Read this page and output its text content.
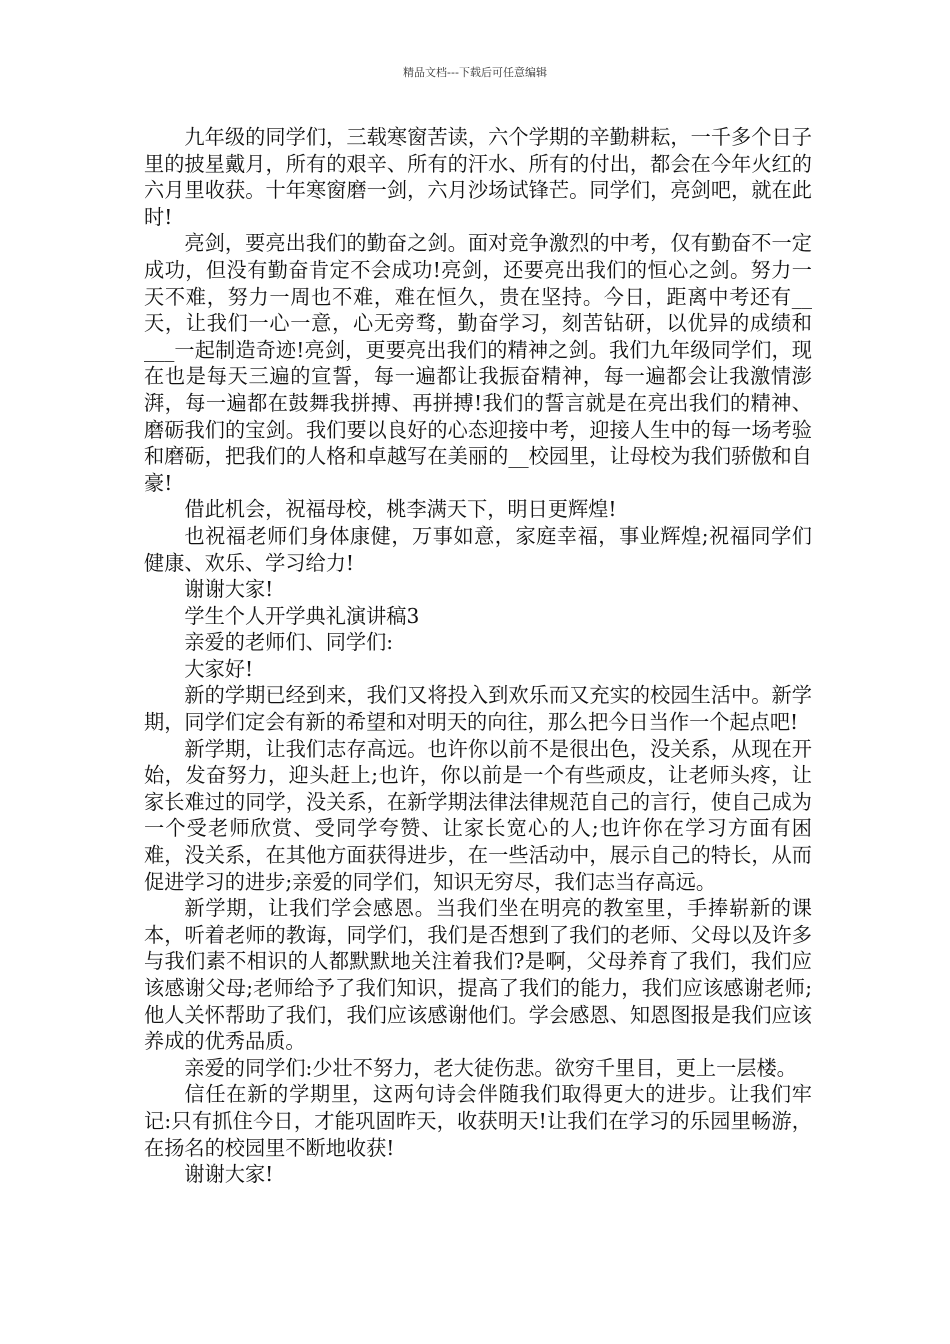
精品文档---下载后可任意编辑

九年级的同学们，三载寒窗苦读，六个学期的辛勤耕耘，一千多个日子里的披星戴月，所有的艰辛、所有的汗水、所有的付出，都会在今年火红的六月里收获。十年寒窗磨一剑，六月沙场试锋芒。同学们，亮剑吧，就在此时!

亮剑，要亮出我们的勤奋之剑。面对竞争激烈的中考，仅有勤奋不一定成功，但没有勤奋肯定不会成功!亮剑，还要亮出我们的恒心之剑。努力一天不难，努力一周也不难，难在恒久，贵在坚持。今日，距离中考还有__天，让我们一心一意，心无旁骛，勤奋学习，刻苦钻研，以优异的成绩和___一起制造奇迹!亮剑，更要亮出我们的精神之剑。我们九年级同学们，现在也是每天三遍的宣誓，每一遍都让我振奋精神，每一遍都会让我激情澎湃，每一遍都在鼓舞我拼搏、再拼搏!我们的誓言就是在亮出我们的精神、磨砺我们的宝剑。我们要以良好的心态迎接中考，迎接人生中的每一场考验和磨砺，把我们的人格和卓越写在美丽的__校园里，让母校为我们骄傲和自豪!

借此机会，祝福母校，桃李满天下，明日更辉煌!

也祝福老师们身体康健，万事如意，家庭幸福，事业辉煌;祝福同学们健康、欢乐、学习给力!

谢谢大家!

学生个人开学典礼演讲稿3

亲爱的老师们、同学们:

大家好!

新的学期已经到来，我们又将投入到欢乐而又充实的校园生活中。新学期，同学们定会有新的希望和对明天的向往，那么把今日当作一个起点吧!

新学期，让我们志存高远。也许你以前不是很出色，没关系，从现在开始，发奋努力，迎头赶上;也许，你以前是一个有些顽皮，让老师头疼，让家长难过的同学，没关系，在新学期法律法律规范自己的言行，使自己成为一个受老师欣赏、受同学夸赞、让家长宽心的人;也许你在学习方面有困难，没关系，在其他方面获得进步，在一些活动中，展示自己的特长，从而促进学习的进步;亲爱的同学们，知识无穷尽，我们志当存高远。

新学期，让我们学会感恩。当我们坐在明亮的教室里，手捧崭新的课本，听着老师的教诲，同学们，我们是否想到了我们的老师、父母以及许多与我们素不相识的人都默默地关注着我们?是啊，父母养育了我们，我们应该感谢父母;老师给予了我们知识，提高了我们的能力，我们应该感谢老师;他人关怀帮助了我们，我们应该感谢他们。学会感恩、知恩图报是我们应该养成的优秀品质。

亲爱的同学们:少壮不努力，老大徒伤悲。欲穷千里目，更上一层楼。

信任在新的学期里，这两句诗会伴随我们取得更大的进步。让我们牢记:只有抓住今日，才能巩固昨天，收获明天!让我们在学习的乐园里畅游，在扬名的校园里不断地收获!

谢谢大家!
